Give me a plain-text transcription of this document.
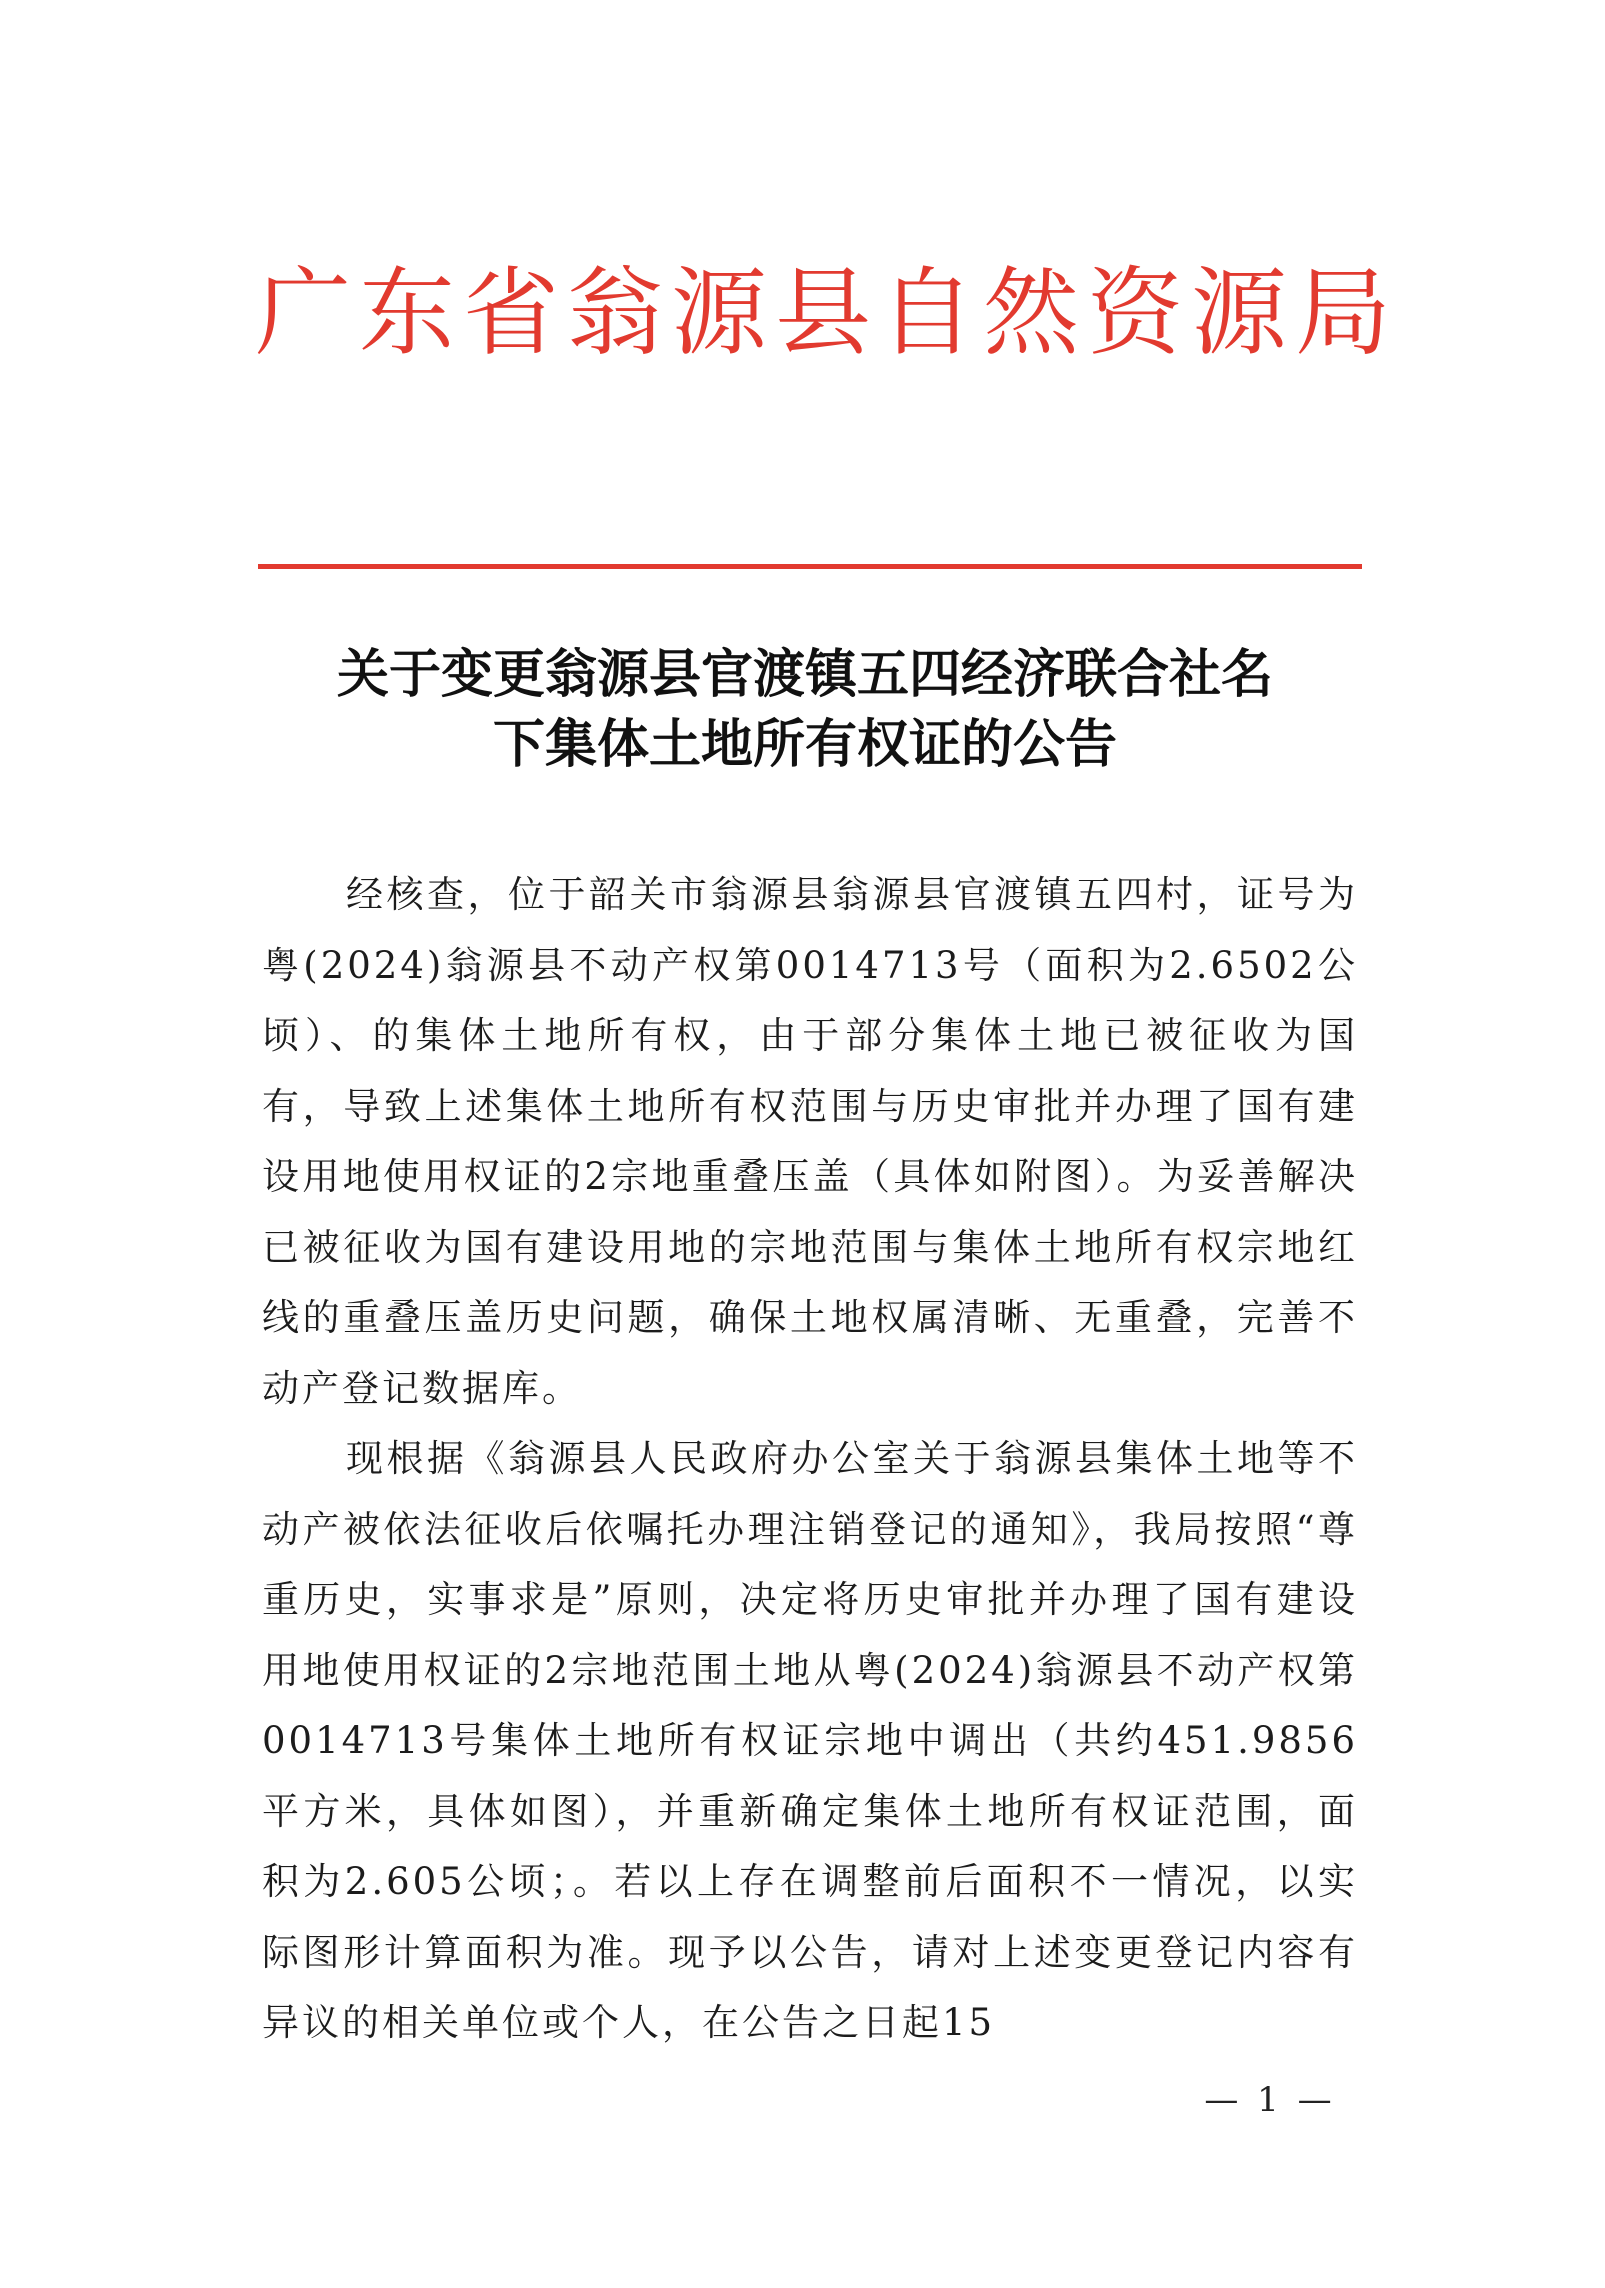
广东省翁源县自然资源局
关于变更翁源县官渡镇五四经济联合社名
下集体土地所有权证的公告

经核查，位于韶关市翁源县翁源县官渡镇五四村，证号为粤(2024)翁源县不动产权第0014713号（面积为2.6502公顷）、的集体土地所有权，由于部分集体土地已被征收为国有，导致上述集体土地所有权范围与历史审批并办理了国有建设用地使用权证的2宗地重叠压盖（具体如附图）。为妥善解决已被征收为国有建设用地的宗地范围与集体土地所有权宗地红线的重叠压盖历史问题，确保土地权属清晰、无重叠，完善不动产登记数据库。

现根据《翁源县人民政府办公室关于翁源县集体土地等不动产被依法征收后依嘱托办理注销登记的通知》，我局按照“尊重历史，实事求是”原则，决定将历史审批并办理了国有建设用地使用权证的2宗地范围土地从粤(2024)翁源县不动产权第0014713号集体土地所有权证宗地中调出（共约451.9856平方米，具体如图），并重新确定集体土地所有权证范围，面积为2.605公顷；。若以上存在调整前后面积不一情况，以实际图形计算面积为准。现予以公告，请对上述变更登记内容有异议的相关单位或个人，在公告之日起15

— 1 —
